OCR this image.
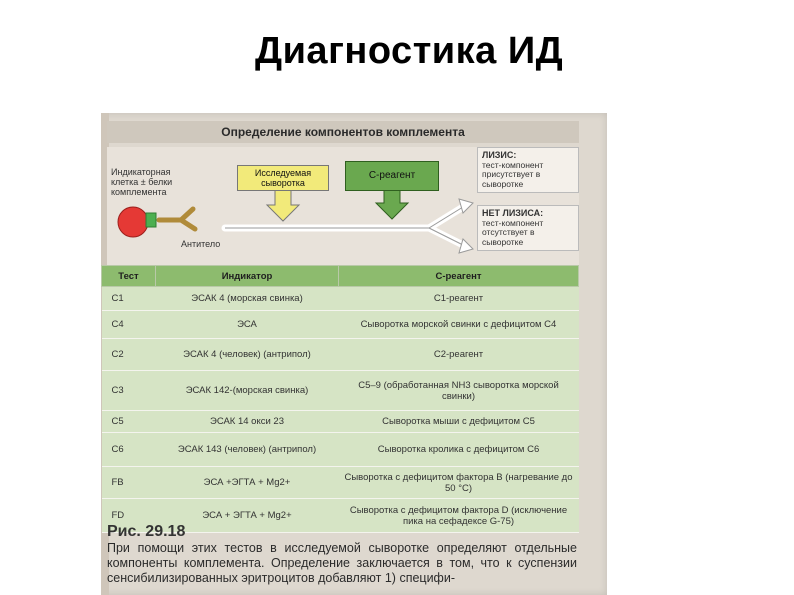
Диагностика ИД
Определение компонентов комплемента
Индикаторная клетка ± белки комплемента
Антитело
Исследуемая сыворотка
С-реагент
ЛИЗИС:
тест-компонент присутствует в сыворотке
НЕТ ЛИЗИСА:
тест-компонент отсутствует в сыворотке
Тест	Индикатор	С-реагент
С1	ЭСАК 4 (морская свинка)	С1-реагент
С4	ЭСА	Сыворотка морской свинки с дефицитом С4
С2	ЭСАК 4 (человек) (антрипол)	С2-реагент
С3	ЭСАК 142-(морская свинка)	С5–9 (обработанная NH3 сыворотка морской свинки)
С5	ЭСАК 14 окси 23	Сыворотка мыши с дефицитом С5
С6	ЭСАК 143 (человек) (антрипол)	Сыворотка кролика с дефицитом С6
FB	ЭСА +ЭГТА + Mg2+	Сыворотка с дефицитом фактора В (нагревание до 50 °С)
FD	ЭСА + ЭГТА + Mg2+	Сыворотка с дефицитом фактора D (исключение пика на сефадексе G-75)
Рис. 29.18
При помощи этих тестов в исследуемой сыворотке определяют отдельные компоненты комплемента. Определение заключается в том, что к суспензии сенсибилизированных эритроцитов добавляют 1) специфи-
